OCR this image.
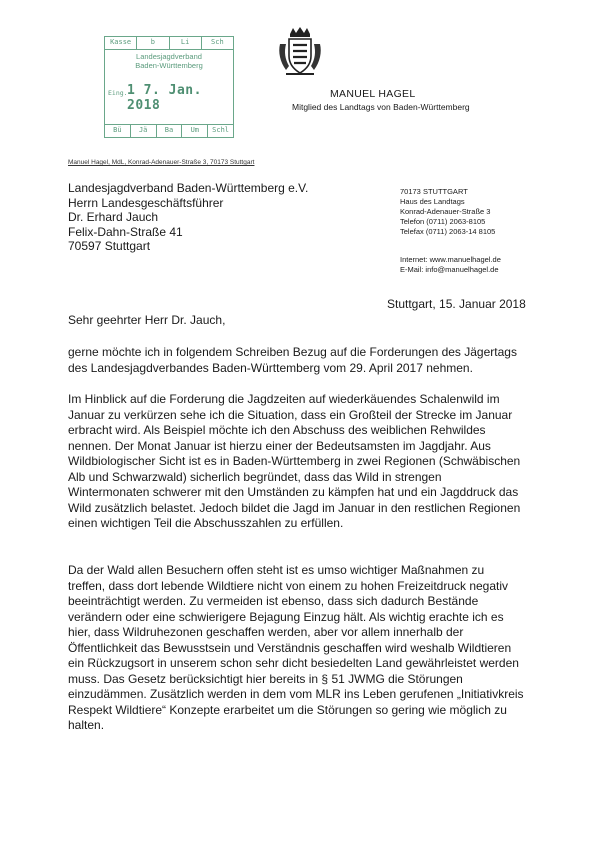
Kasse	b	Li	Sch
Landesjagdverband
Baden-Württemberg
Eing. 1 7. Jan. 2018
Bü	Jä	Ba	Um	Schl
MANUEL HAGEL
Mitglied des Landtags von Baden-Württemberg
Manuel Hagel, MdL, Konrad-Adenauer-Straße 3, 70173 Stuttgart
Landesjagdverband Baden-Württemberg e.V.
Herrn Landesgeschäftsführer
Dr. Erhard Jauch
Felix-Dahn-Straße 41
70597 Stuttgart
70173 STUTTGART
Haus des Landtags
Konrad-Adenauer-Straße 3
Telefon (0711) 2063-8105
Telefax (0711) 2063-14 8105
Internet: www.manuelhagel.de
E-Mail: info@manuelhagel.de
Stuttgart, 15. Januar 2018
Sehr geehrter Herr Dr. Jauch,
gerne möchte ich in folgendem Schreiben Bezug auf die Forderungen des Jägertags
des Landesjagdverbandes Baden-Württemberg vom 29. April 2017 nehmen.
Im Hinblick auf die Forderung die Jagdzeiten auf wiederkäuendes Schalenwild im
Januar zu verkürzen sehe ich die Situation, dass ein Großteil der Strecke im Januar
erbracht wird. Als Beispiel möchte ich den Abschuss des weiblichen Rehwildes
nennen. Der Monat Januar ist hierzu einer der Bedeutsamsten im Jagdjahr. Aus
Wildbiologischer Sicht ist es in Baden-Württemberg in zwei Regionen (Schwäbischen
Alb und Schwarzwald) sicherlich begründet, dass das Wild in strengen
Wintermonaten schwerer mit den Umständen zu kämpfen hat und ein Jagddruck das
Wild zusätzlich belastet. Jedoch bildet die Jagd im Januar in den restlichen Regionen
einen wichtigen Teil die Abschusszahlen zu erfüllen.
Da der Wald allen Besuchern offen steht ist es umso wichtiger Maßnahmen zu
treffen, dass dort lebende Wildtiere nicht von einem zu hohen Freizeitdruck negativ
beeinträchtigt werden. Zu vermeiden ist ebenso, dass sich dadurch Bestände
verändern oder eine schwierigere Bejagung Einzug hält. Als wichtig erachte ich es
hier, dass Wildruhezonen geschaffen werden, aber vor allem innerhalb der
Öffentlichkeit das Bewusstsein und Verständnis geschaffen wird weshalb Wildtieren
ein Rückzugsort in unserem schon sehr dicht besiedelten Land gewährleistet werden
muss. Das Gesetz berücksichtigt hier bereits in § 51 JWMG die Störungen
einzudämmen. Zusätzlich werden in dem vom MLR ins Leben gerufenen „Initiativkreis
Respekt Wildtiere“ Konzepte erarbeitet um die Störungen so gering wie möglich zu
halten.
